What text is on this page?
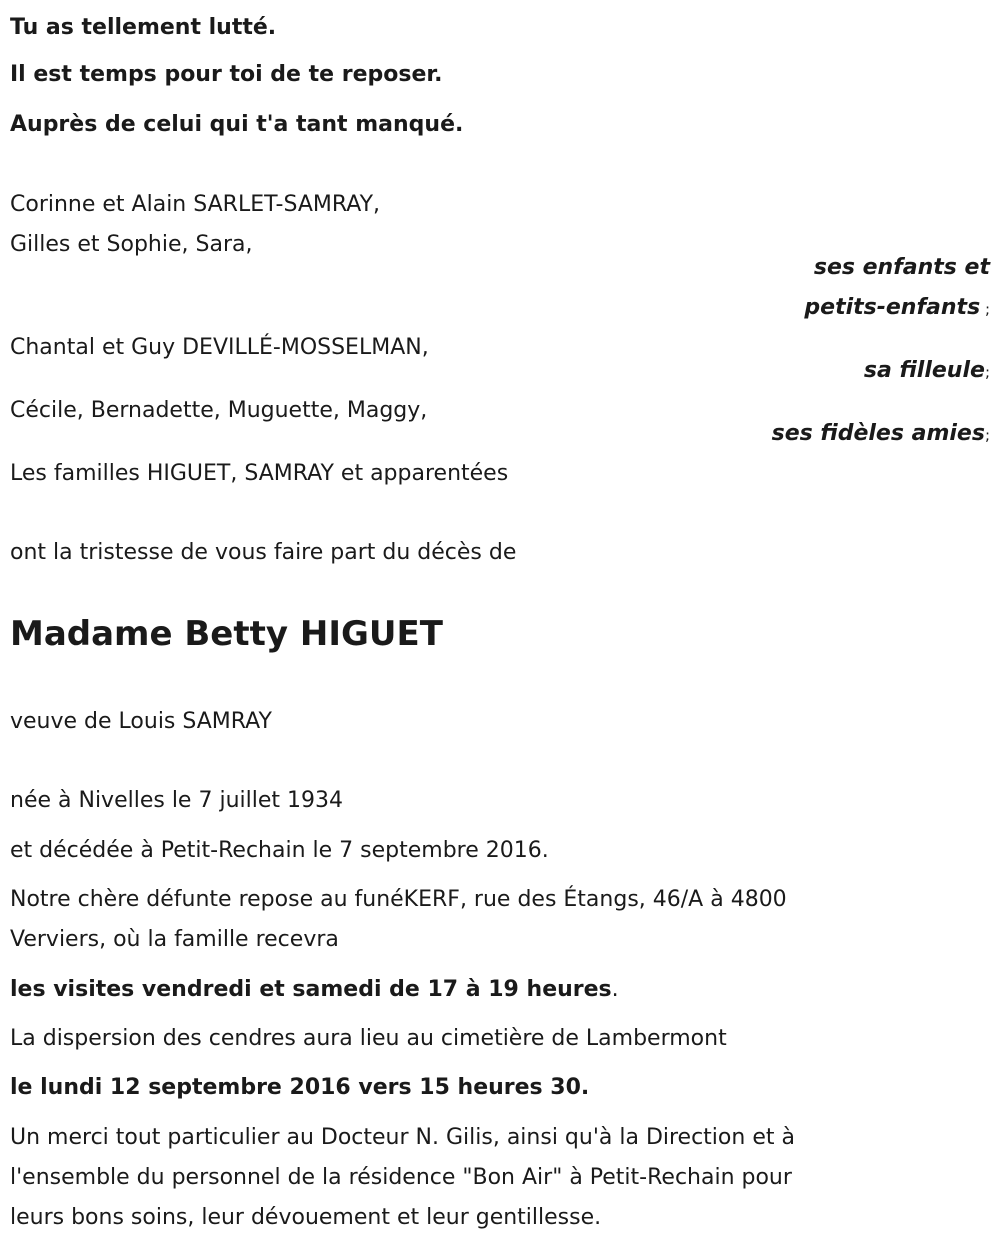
Tu as tellement lutté.
Il est temps pour toi de te reposer.
Auprès de celui qui t'a tant manqué.
Corinne et Alain SARLET-SAMRAY,
Gilles et Sophie, Sara,
ses enfants et
petits-enfants ;
Chantal et Guy DEVILLÉ-MOSSELMAN,
sa filleule;
Cécile, Bernadette, Muguette, Maggy,
ses fidèles amies;
Les familles HIGUET, SAMRAY et apparentées
ont la tristesse de vous faire part du décès de
Madame Betty HIGUET
veuve de Louis SAMRAY
née à Nivelles le 7 juillet 1934
et décédée à Petit-Rechain le 7 septembre 2016.
Notre chère défunte repose au funéKERF, rue des Étangs, 46/A à 4800
Verviers, où la famille recevra
les visites vendredi et samedi de 17 à 19 heures.
La dispersion des cendres aura lieu au cimetière de Lambermont
le lundi 12 septembre 2016 vers 15 heures 30.
Un merci tout particulier au Docteur N. Gilis, ainsi qu'à la Direction et à
l'ensemble du personnel de la résidence "Bon Air" à Petit-Rechain pour
leurs bons soins, leur dévouement et leur gentillesse.
